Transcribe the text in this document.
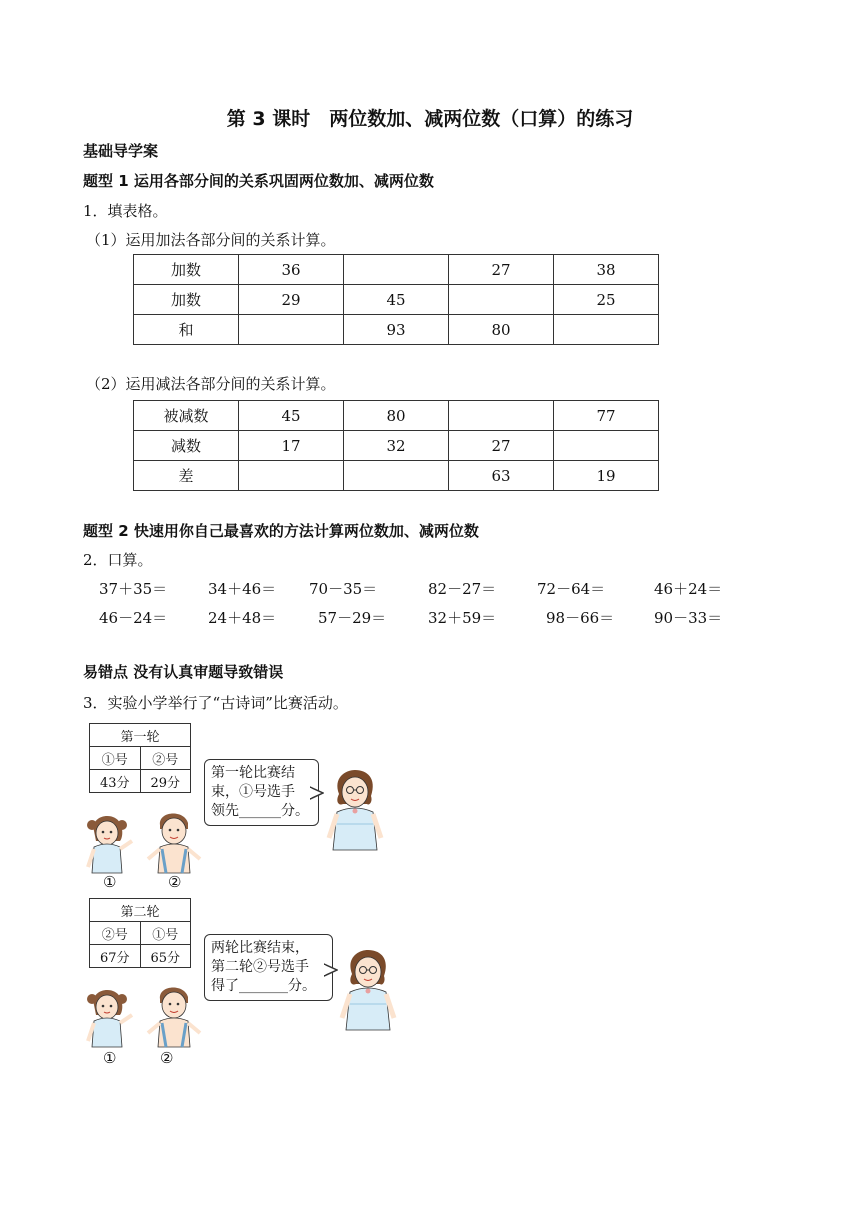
第 3 课时　两位数加、减两位数（口算）的练习
基础导学案
题型 1 运用各部分间的关系巩固两位数加、减两位数
1．填表格。
（1）运用加法各部分间的关系计算。
加数	36		27	38
加数	29	45		25
和		93	80	
（2）运用减法各部分间的关系计算。
被减数	45	80		77
减数	17	32	27	
差			63	19
题型 2 快速用你自己最喜欢的方法计算两位数加、减两位数
2．口算。
37＋35＝	34＋46＝ 70－35＝	82－27＝	72－64＝	46＋24＝
46－24＝	24＋48＝	57－29＝	32＋59＝	98－66＝	90－33＝
易错点 没有认真审题导致错误
3．实验小学举行了“古诗词”比赛活动。
第一轮	
①号	②号
43分	29分
第一轮比赛结
束，①号选手
领先______分。
①	②
第二轮	
②号	①号
67分	65分
两轮比赛结束，
第二轮②号选手
得了_______分。
①	②
